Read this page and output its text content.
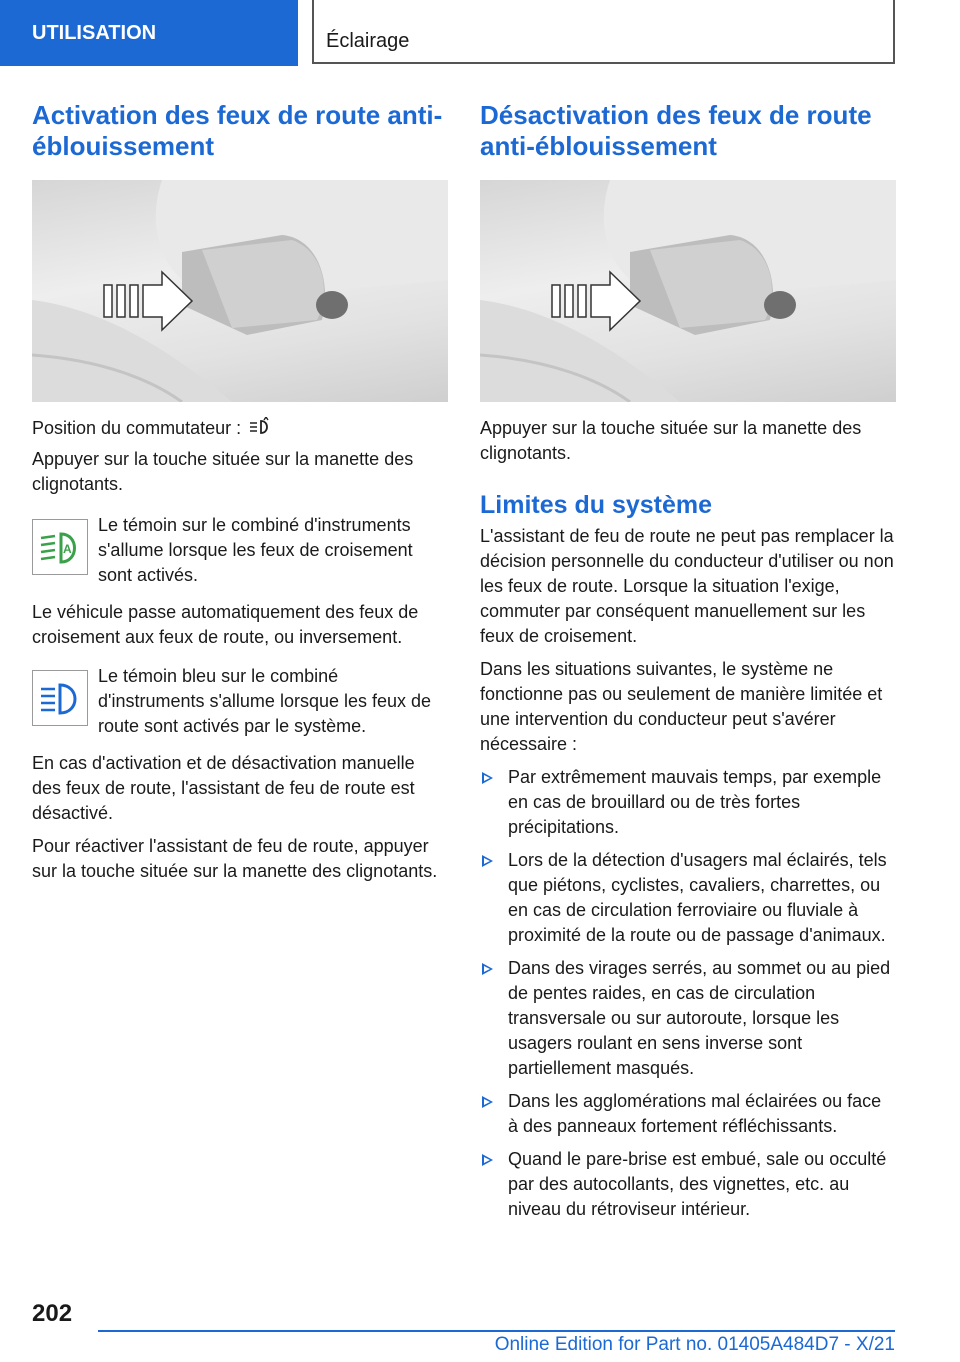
UTILISATION	Éclairage
Activation des feux de route anti-éblouissement

Position du commutateur :

Appuyer sur la touche située sur la manette des clignotants.

A

Le témoin sur le combiné d'instruments s'allume lorsque les feux de croisement sont activés.

Le véhicule passe automatiquement des feux de croisement aux feux de route, ou inversement.

Le témoin bleu sur le combiné d'instruments s'allume lorsque les feux de route sont activés par le système.

En cas d'activation et de désactivation manuelle des feux de route, l'assistant de feu de route est désactivé.

Pour réactiver l'assistant de feu de route, appuyer sur la touche située sur la manette des clignotants.

Désactivation des feux de route anti-éblouissement

Appuyer sur la touche située sur la manette des clignotants.

Limites du système

L'assistant de feu de route ne peut pas remplacer la décision personnelle du conducteur d'utiliser ou non les feux de route. Lorsque la situation l'exige, commuter par conséquent manuellement sur les feux de croisement.

Dans les situations suivantes, le système ne fonctionne pas ou seulement de manière limitée et une intervention du conducteur peut s'avérer nécessaire :

Par extrêmement mauvais temps, par exemple en cas de brouillard ou de très fortes précipitations.
Lors de la détection d'usagers mal éclairés, tels que piétons, cyclistes, cavaliers, charrettes, ou en cas de circulation ferroviaire ou fluviale à proximité de la route ou de passage d'animaux.
Dans des virages serrés, au sommet ou au pied de pentes raides, en cas de circulation transversale ou sur autoroute, lorsque les usagers roulant en sens inverse sont partiellement masqués.
Dans les agglomérations mal éclairées ou face à des panneaux fortement réfléchissants.
Quand le pare-brise est embué, sale ou occulté par des autocollants, des vignettes, etc. au niveau du rétroviseur intérieur.
202
Online Edition for Part no. 01405A484D7 - X/21
